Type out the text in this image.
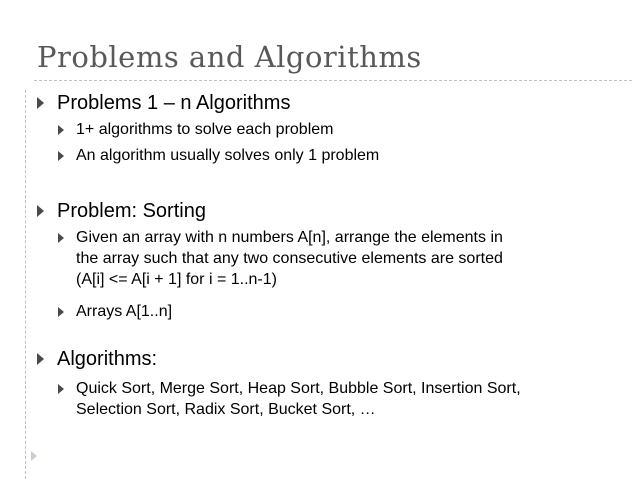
Problems and Algorithms
Problems 1 – n Algorithms
1+ algorithms to solve each problem
An algorithm usually solves only 1 problem
Problem: Sorting
Given an array with n numbers A[n], arrange the elements in
the array such that any two consecutive elements are sorted
(A[i] <= A[i + 1] for i = 1..n-1)
Arrays A[1..n]
Algorithms:
Quick Sort, Merge Sort, Heap Sort, Bubble Sort, Insertion Sort,
Selection Sort, Radix Sort, Bucket Sort, …
